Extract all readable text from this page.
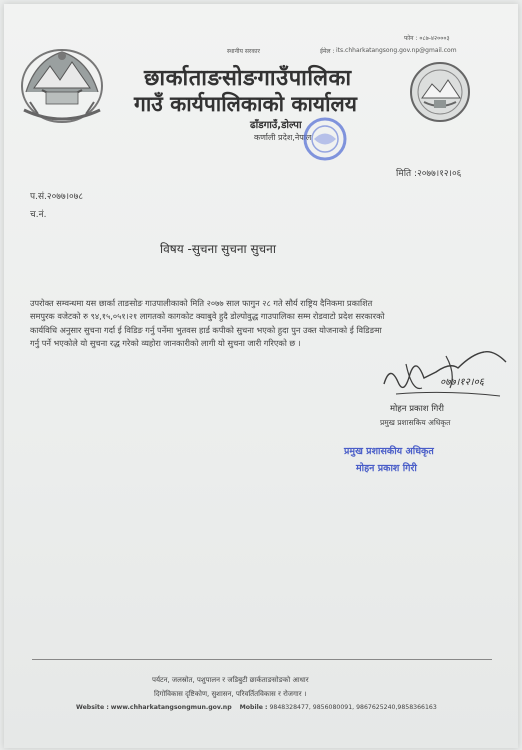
फोन : ०८७-४२०००३
स्थानीय सरकार	ईमेल : its.chharkatangsong.gov.np@gmail.com
छार्काताङसोङगाउँपालिका
गाउँ कार्यपालिकाको कार्यालय
ढाँडगाउँ,डोल्पा
कर्णाली प्रदेश,नेपाल
मिति :२०७७।१२।०६
प.सं.२०७७।०७८
च.नं.
विषय -सुचना सुचना सुचना
उपरोक्त सम्वन्धमा यस छार्का ताङसोङ गाउपालीकाको मिति २०७७ साल फागुन २८ गते सौर्य राष्ट्रिय दैनिकमा प्रकाशित
समपुरक वजेटको रु ९४,१५,०५१।२१ लागतको कागकोट क्याबुवे हुदै डोल्पोवुद्ध गाउपालिका सम्म रोडवाटो प्रदेश सरकारको
कार्यविधि अनुसार सुचना गर्दा ई विडिङ गर्नु पर्नेमा भुतवस हार्ड कपीको सुचना भएको हुदा पुन उक्त योजनाको ई विडिङमा
गर्नु पर्ने भएकोले यो सुचना रद्ध गरेको व्यहोरा जानकारीको लागी यो सुचना जारी गरिएको छ ।
०७७।१२।०६
मोहन प्रकाश गिरी
प्रमुख प्रशासकिय अधिकृत
प्रमुख प्रशासकीय अधिकृत
मोहन प्रकाश गिरी
पर्यटन, जलस्रोत, पशुपालन र जडिबुटी छार्कताङसोङको आधार
दिगोविकास दृष्टिकोण, सुशासन, परिवर्तितविकास र रोजगार ।
Website : www.chharkatangsongmun.gov.np Mobile : 9848328477, 9856080091, 9867625240,9858366163
